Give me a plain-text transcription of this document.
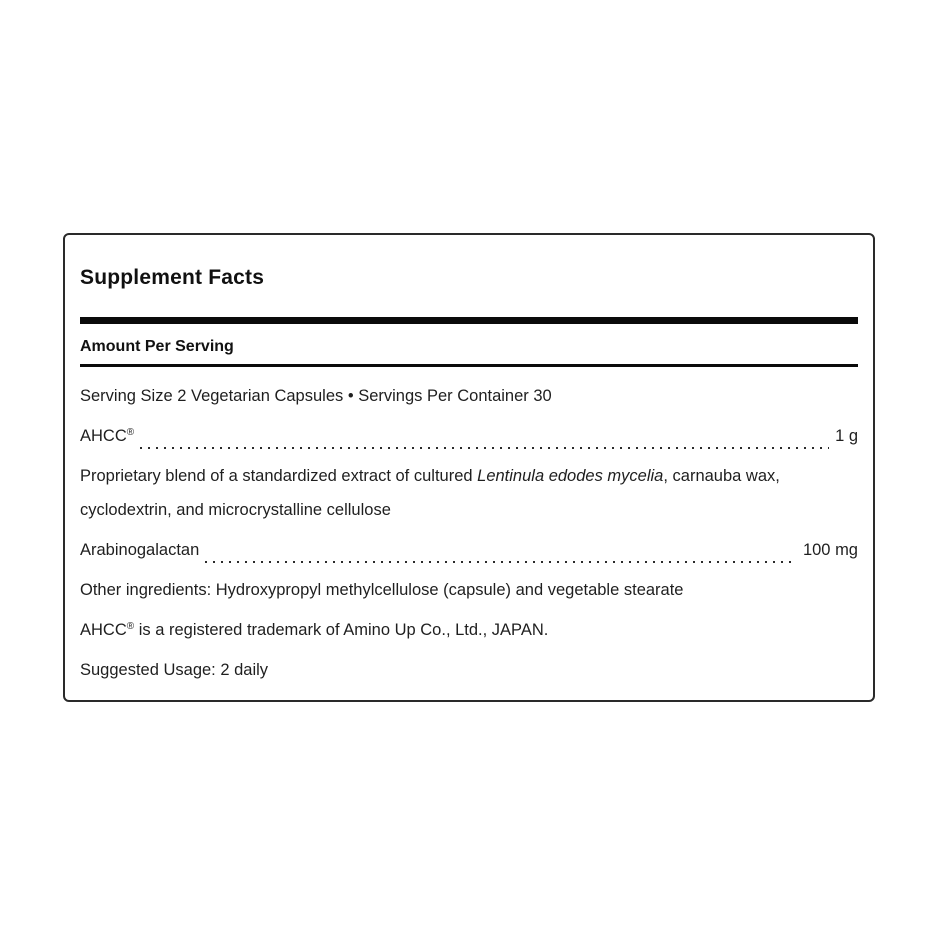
Supplement Facts
Amount Per Serving

Serving Size 2 Vegetarian Capsules • Servings Per Container 30

AHCC®	1 g

Proprietary blend of a standardized extract of cultured Lentinula edodes mycelia, carnauba wax, cyclodextrin, and microcrystalline cellulose

Arabinogalactan	100 mg

Other ingredients: Hydroxypropyl methylcellulose (capsule) and vegetable stearate

AHCC® is a registered trademark of Amino Up Co., Ltd., JAPAN.

Suggested Usage: 2 daily
